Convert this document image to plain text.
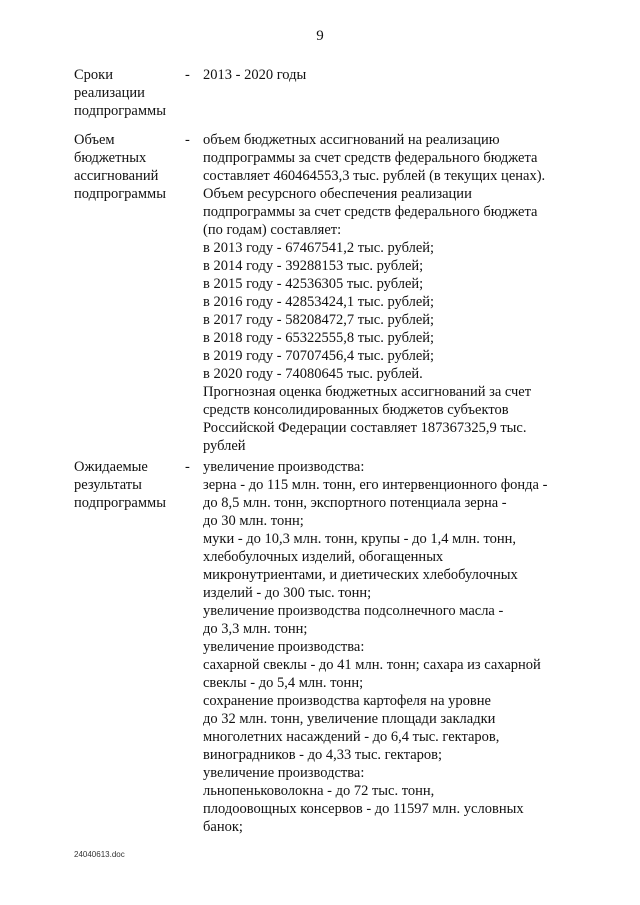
9
Сроки
реализации
подпрограммы
- 2013 - 2020 годы
Объем
бюджетных
ассигнований
подпрограммы
- объем бюджетных ассигнований на реализацию
подпрограммы за счет средств федерального бюджета
составляет 460464553,3 тыс. рублей (в текущих ценах).
Объем ресурсного обеспечения реализации
подпрограммы за счет средств федерального бюджета
(по годам) составляет:
в 2013 году - 67467541,2 тыс. рублей;
в 2014 году - 39288153 тыс. рублей;
в 2015 году - 42536305 тыс. рублей;
в 2016 году - 42853424,1 тыс. рублей;
в 2017 году - 58208472,7 тыс. рублей;
в 2018 году - 65322555,8 тыс. рублей;
в 2019 году - 70707456,4 тыс. рублей;
в 2020 году - 74080645 тыс. рублей.
Прогнозная оценка бюджетных ассигнований за счет
средств консолидированных бюджетов субъектов
Российской Федерации составляет 187367325,9 тыс.
рублей
Ожидаемые
результаты
подпрограммы
- увеличение производства:
зерна - до 115 млн. тонн, его интервенционного фонда -
до 8,5 млн. тонн, экспортного потенциала зерна -
до 30 млн. тонн;
муки - до 10,3 млн. тонн, крупы - до 1,4 млн. тонн,
хлебобулочных изделий, обогащенных
микронутриентами, и диетических хлебобулочных
изделий - до 300 тыс. тонн;
увеличение производства подсолнечного масла -
до 3,3 млн. тонн;
увеличение производства:
сахарной свеклы - до 41 млн. тонн; сахара из сахарной
свеклы - до 5,4 млн. тонн;
сохранение производства картофеля на уровне
до 32 млн. тонн, увеличение площади закладки
многолетних насаждений - до 6,4 тыс. гектаров,
виноградников - до 4,33 тыс. гектаров;
увеличение производства:
льнопеньковолокна - до 72 тыс. тонн,
плодоовощных консервов - до 11597 млн. условных
банок;
24040613.doc
